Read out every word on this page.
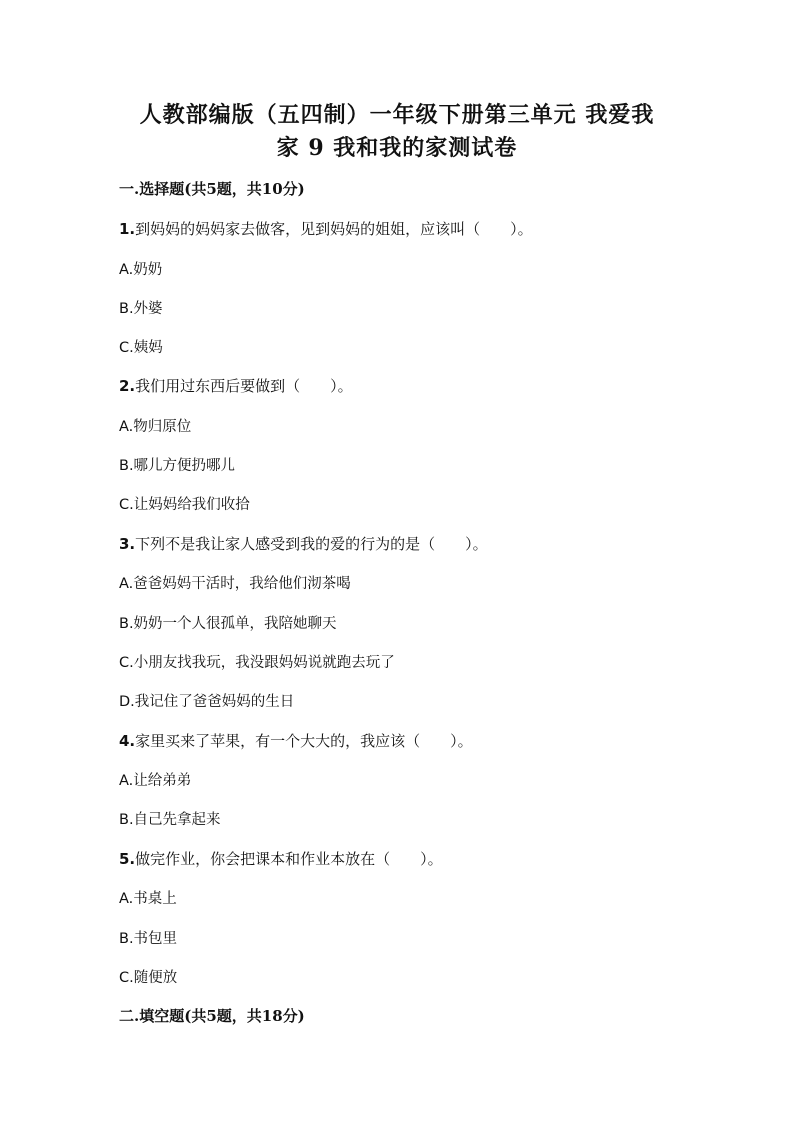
人教部编版（五四制）一年级下册第三单元 我爱我
家 9 我和我的家测试卷
一.选择题(共5题，共10分)
1.到妈妈的妈妈家去做客，见到妈妈的姐姐，应该叫（　　）。
A.奶奶
B.外婆
C.姨妈
2.我们用过东西后要做到（　　）。
A.物归原位
B.哪儿方便扔哪儿
C.让妈妈给我们收拾
3.下列不是我让家人感受到我的爱的行为的是（　　）。
A.爸爸妈妈干活时，我给他们沏茶喝
B.奶奶一个人很孤单，我陪她聊天
C.小朋友找我玩，我没跟妈妈说就跑去玩了
D.我记住了爸爸妈妈的生日
4.家里买来了苹果，有一个大大的，我应该（　　）。
A.让给弟弟
B.自己先拿起来
5.做完作业，你会把课本和作业本放在（　　）。
A.书桌上
B.书包里
C.随便放
二.填空题(共5题，共18分)
